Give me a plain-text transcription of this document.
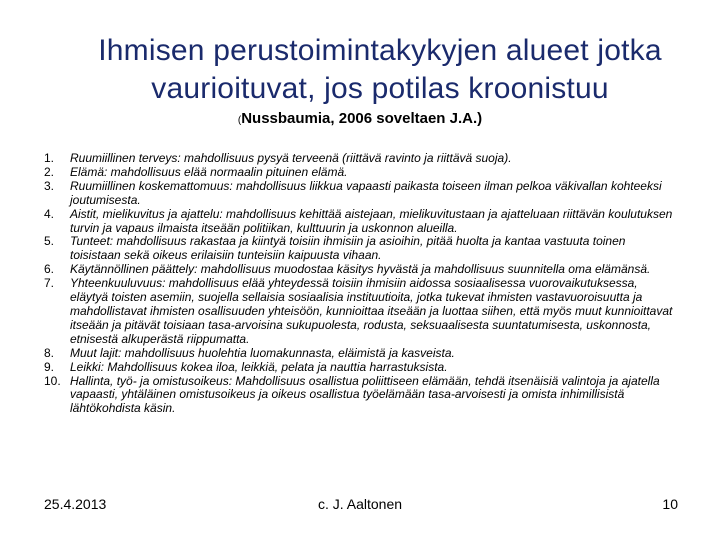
Ihmisen perustoimintakykyjen alueet jotka
vaurioituvat, jos potilas kroonistuu
(Nussbaumia, 2006 soveltaen J.A.)
1.	Ruumiillinen terveys: mahdollisuus pysyä terveenä (riittävä ravinto ja riittävä suoja).
2.	Elämä: mahdollisuus elää normaalin pituinen elämä.
3.	Ruumiillinen koskemattomuus: mahdollisuus liikkua vapaasti paikasta toiseen ilman pelkoa väkivallan kohteeksi joutumisesta.
4.	Aistit, mielikuvitus ja ajattelu: mahdollisuus kehittää aistejaan, mielikuvitustaan ja ajatteluaan riittävän koulutuksen turvin ja vapaus ilmaista itseään politiikan, kulttuurin ja uskonnon alueilla.
5.	Tunteet: mahdollisuus rakastaa ja kiintyä toisiin ihmisiin ja asioihin, pitää huolta ja kantaa vastuuta toinen toisistaan sekä oikeus erilaisiin tunteisiin kaipuusta vihaan.
6.	Käytännöllinen päättely: mahdollisuus muodostaa käsitys hyvästä ja mahdollisuus suunnitella oma elämänsä.
7.	Yhteenkuuluvuus: mahdollisuus elää yhteydessä toisiin ihmisiin aidossa sosiaalisessa vuorovaikutuksessa, eläytyä toisten asemiin, suojella sellaisia sosiaalisia instituutioita, jotka tukevat ihmisten vastavuoroisuutta ja mahdollistavat ihmisten osallisuuden yhteisöön, kunnioittaa itseään ja luottaa siihen, että myös muut kunnioittavat itseään ja pitävät toisiaan tasa-arvoisina sukupuolesta, rodusta, seksuaalisesta suuntatumisesta, uskonnosta, etnisestä alkuperästä riippumatta.
8.	Muut lajit: mahdollisuus huolehtia luomakunnasta, eläimistä ja kasveista.
9.	Leikki: Mahdollisuus kokea iloa, leikkiä, pelata ja nauttia harrastuksista.
10. Hallinta, työ- ja omistusoikeus: Mahdollisuus osallistua poliittiseen elämään, tehdä itsenäisiä valintoja ja ajatella vapaasti, yhtäläinen omistusoikeus ja oikeus osallistua työelämään tasa-arvoisesti ja omista inhimillisistä lähtökohdista käsin.
25.4.2013	c. J. Aaltonen	10
